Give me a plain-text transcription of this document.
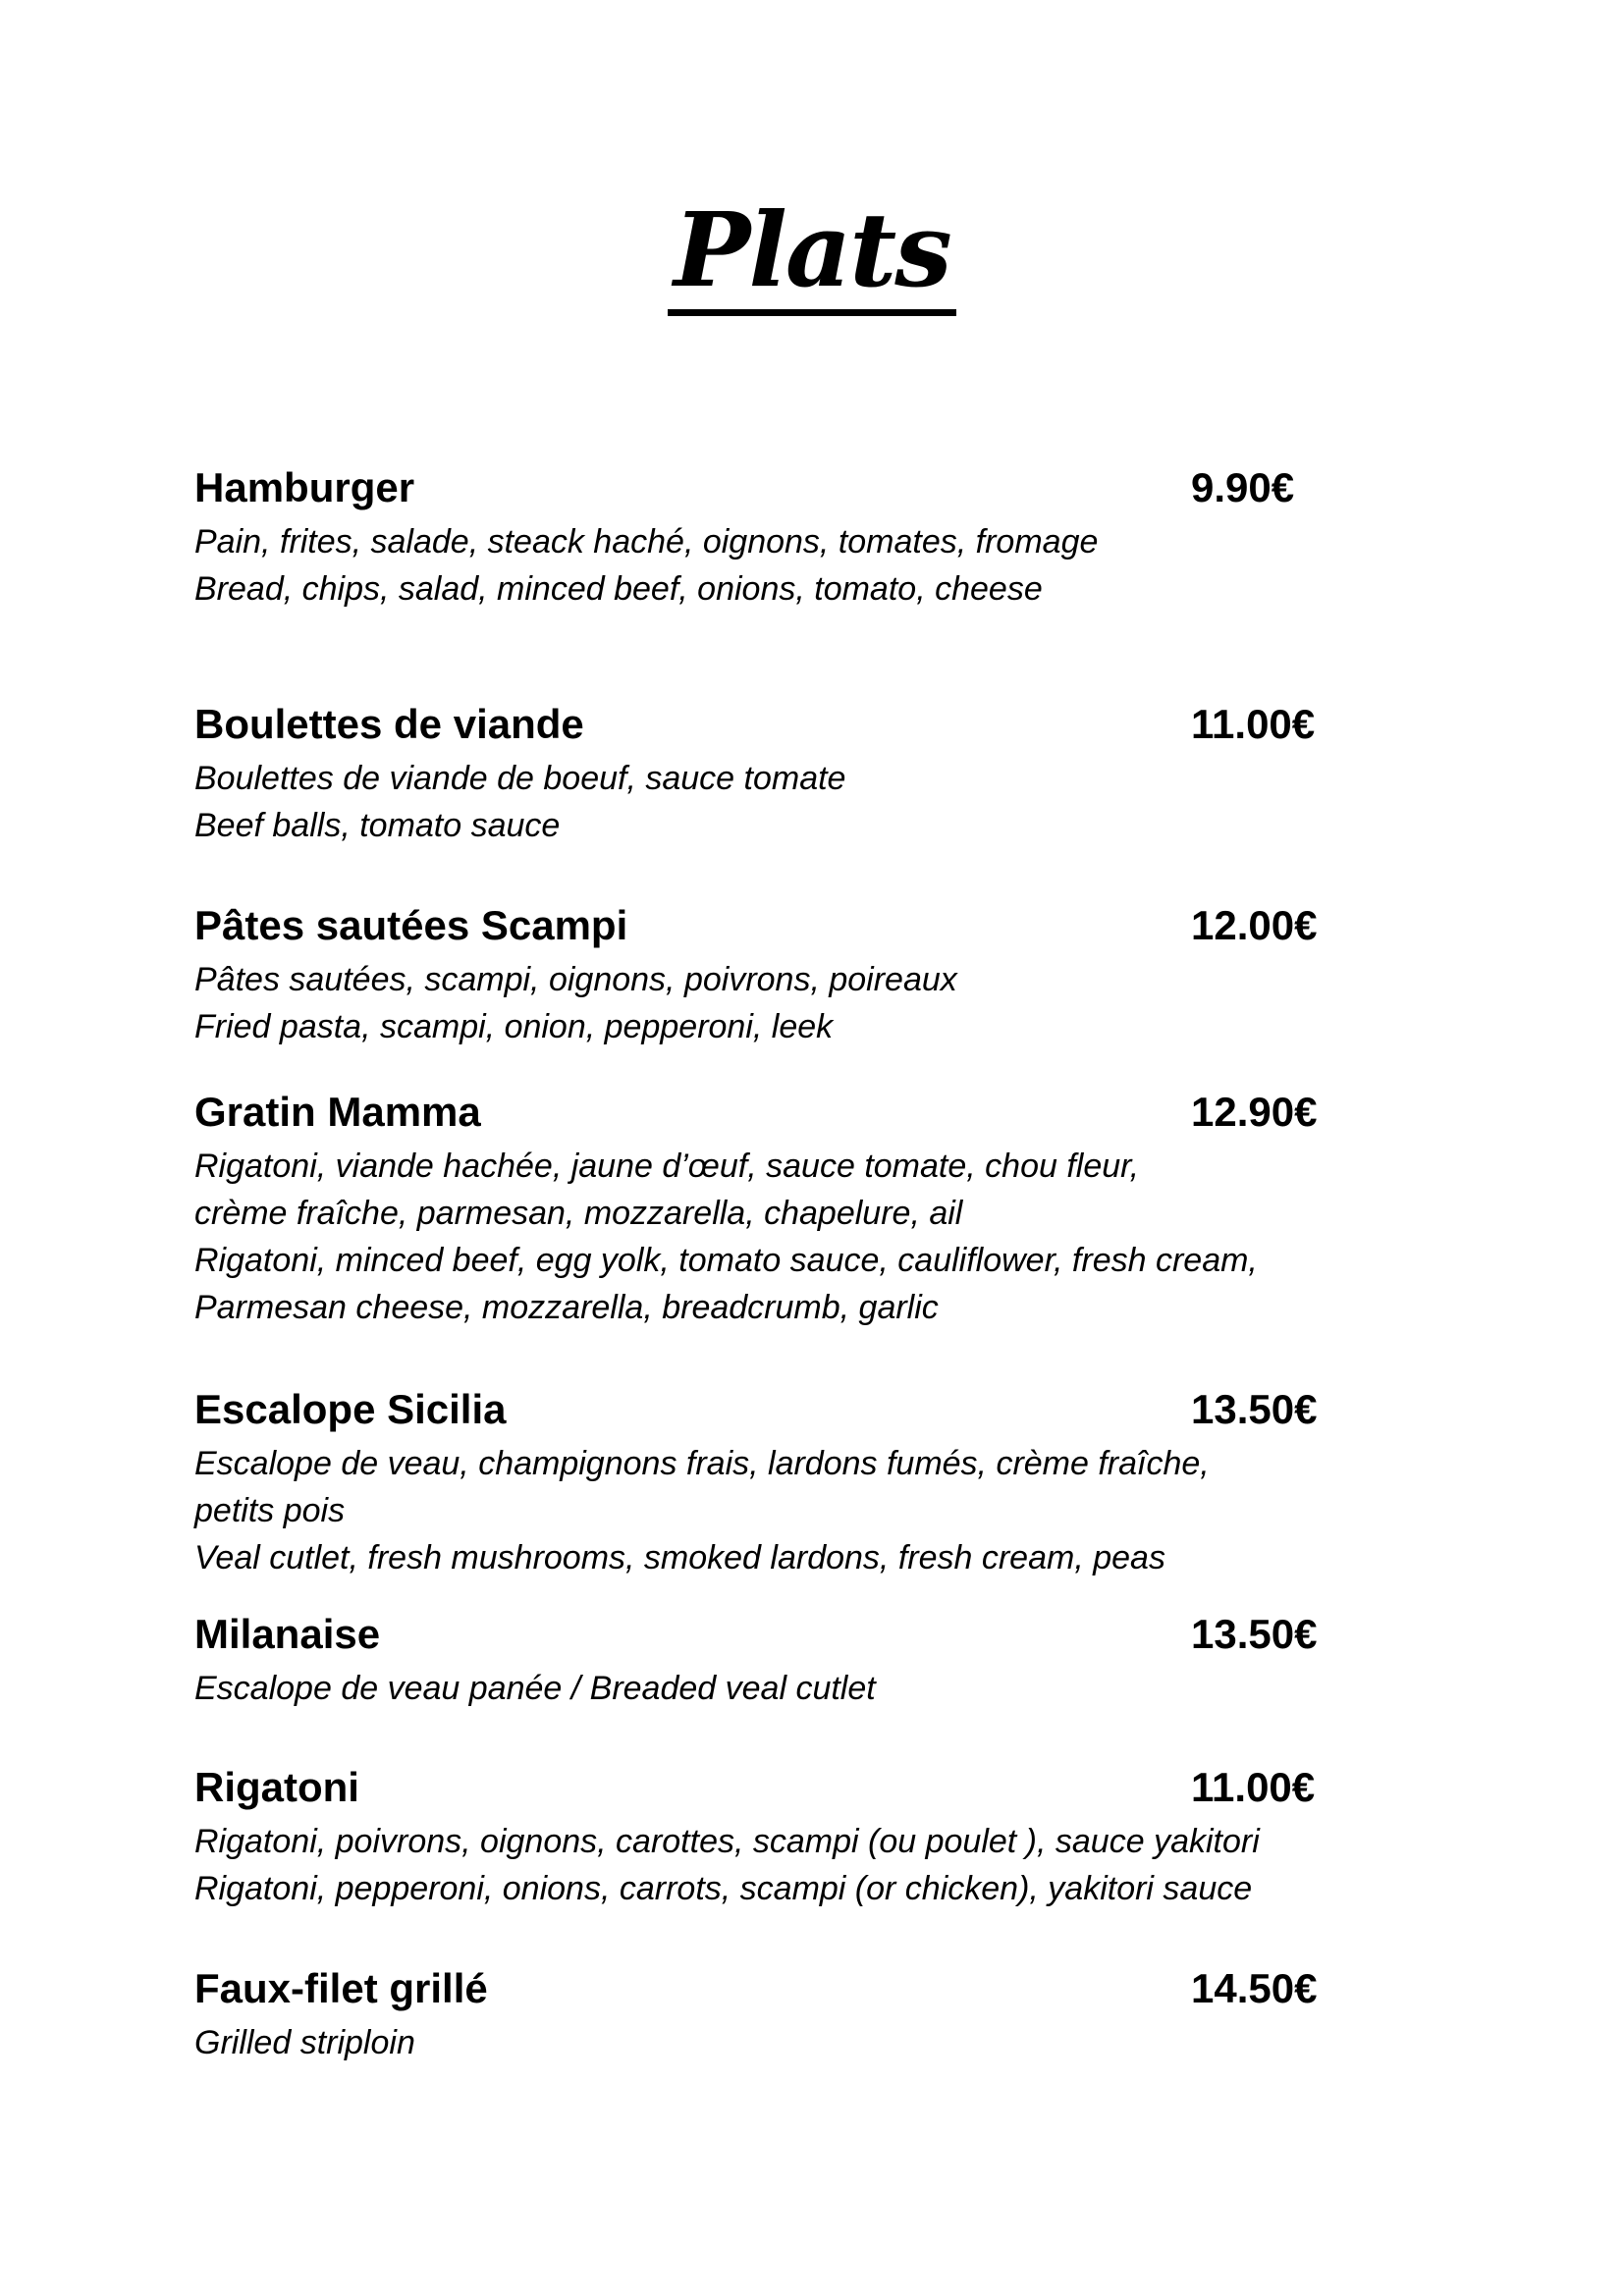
Plats
Hamburger	9.90€
Pain, frites, salade, steack haché, oignons, tomates, fromage
Bread, chips, salad, minced beef, onions, tomato, cheese
Boulettes de viande	11.00€
Boulettes de viande de boeuf, sauce tomate
Beef balls, tomato sauce
Pâtes sautées Scampi	12.00€
Pâtes sautées, scampi, oignons, poivrons, poireaux
Fried pasta, scampi, onion, pepperoni, leek
Gratin Mamma	12.90€
Rigatoni, viande hachée, jaune d’œuf, sauce tomate, chou fleur,
crème fraîche, parmesan, mozzarella, chapelure, ail
Rigatoni, minced beef, egg yolk, tomato sauce, cauliflower, fresh cream,
Parmesan cheese, mozzarella, breadcrumb, garlic
Escalope Sicilia	13.50€
Escalope de veau, champignons frais, lardons fumés, crème fraîche,
petits pois
Veal cutlet, fresh mushrooms, smoked lardons, fresh cream, peas
Milanaise	13.50€
Escalope de veau panée / Breaded veal cutlet
Rigatoni	11.00€
Rigatoni, poivrons, oignons, carottes, scampi (ou poulet ), sauce yakitori
Rigatoni, pepperoni, onions, carrots, scampi (or chicken), yakitori sauce
Faux-filet grillé	14.50€
Grilled striploin
